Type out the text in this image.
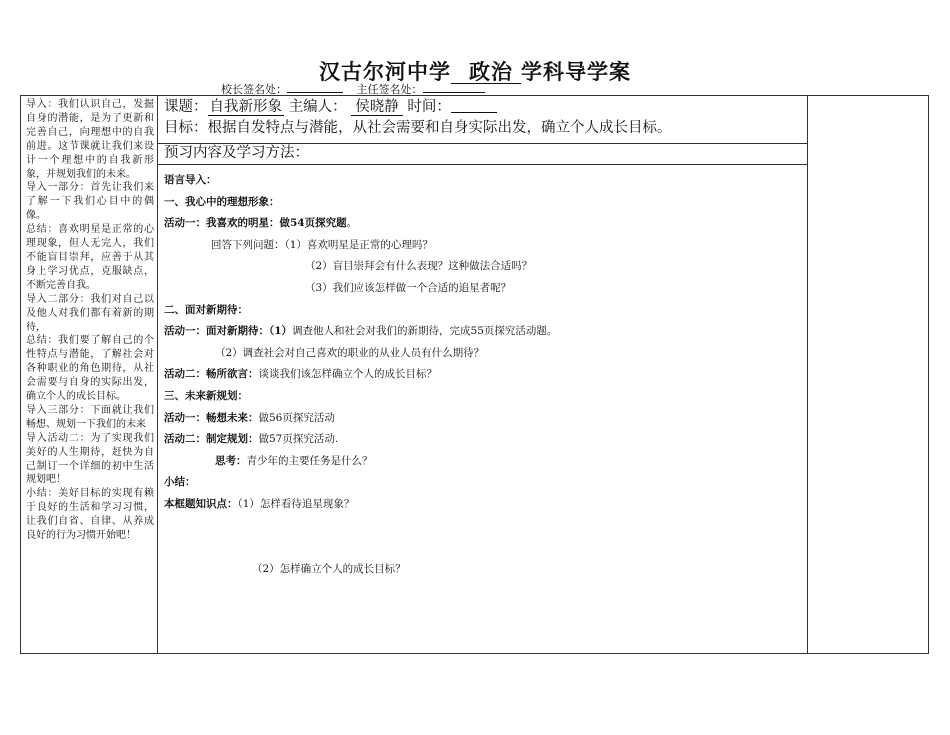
汉古尔河中学 政治 学科导学案
校长签名处：	主任签名处：

导入：我们认识自己，发掘自身的潜能，是为了更新和完善自己，向理想中的自我前进。这节课就让我们来设计一个理想中的自我新形象，并规划我们的未来。

导入一部分：首先让我们来了解一下我们心目中的偶像。

总结：喜欢明星是正常的心理现象，但人无完人，我们不能盲目崇拜，应善于从其身上学习优点，克服缺点，不断完善自我。

导入二部分：我们对自己以及他人对我们都有着新的期待，

总结：我们要了解自己的个性特点与潜能，了解社会对各种职业的角色期待，从社会需要与自身的实际出发，确立个人的成长目标。

导入三部分：下面就让我们畅想、规划一下我们的未来

导入活动二：为了实现我们美好的人生期待，赶快为自己制订一个详细的初中生活规划吧！

小结：美好目标的实现有赖于良好的生活和学习习惯，让我们自省、自律、从养成良好的行为习惯开始吧！

课题： 自我新形象 主编人： 侯晓静 时间：
目标：根据自发特点与潜能，从社会需要和自身实际出发，确立个人成长目标。
预习内容及学习方法：
语言导入：
一、我心中的理想形象：
活动一：我喜欢的明星：做54页探究题。
回答下列问题：（1）喜欢明星是正常的心理吗？
（2）盲目崇拜会有什么表现？这种做法合适吗？
（3）我们应该怎样做一个合适的追星者呢？
二、面对新期待：
活动一：面对新期待：（1）调查他人和社会对我们的新期待，完成55页探究活动题。
（2）调查社会对自己喜欢的职业的从业人员有什么期待？
活动二：畅所欲言：谈谈我们该怎样确立个人的成长目标？
三、未来新规划：
活动一：畅想未来：做56页探究活动
活动二：制定规划：做57页探究活动.
思考：青少年的主要任务是什么？
小结：
本框题知识点：（1）怎样看待追星现象？
（2）怎样确立个人的成长目标？
